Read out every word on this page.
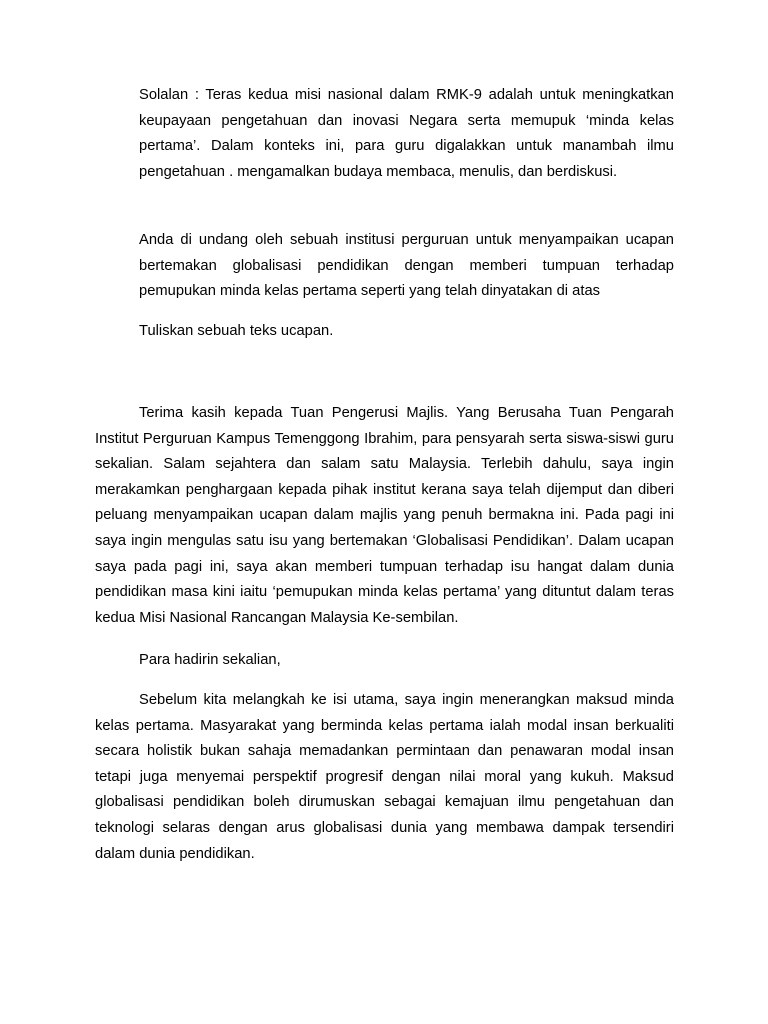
Solalan : Teras kedua misi nasional dalam RMK-9 adalah untuk meningkatkan keupayaan pengetahuan dan inovasi Negara serta memupuk ‘minda kelas pertama’. Dalam konteks ini, para guru digalakkan untuk manambah ilmu pengetahuan . mengamalkan budaya membaca, menulis, dan berdiskusi.

Anda di undang oleh sebuah institusi perguruan untuk menyampaikan ucapan bertemakan globalisasi pendidikan dengan memberi tumpuan terhadap pemupukan minda kelas pertama seperti yang telah dinyatakan di atas

Tuliskan sebuah teks ucapan.

Terima kasih kepada Tuan Pengerusi Majlis. Yang Berusaha Tuan Pengarah Institut Perguruan Kampus Temenggong Ibrahim, para pensyarah serta siswa-siswi guru sekalian. Salam sejahtera dan salam satu Malaysia. Terlebih dahulu, saya ingin merakamkan penghargaan kepada pihak institut kerana saya telah dijemput dan diberi peluang menyampaikan ucapan dalam majlis yang penuh bermakna ini. Pada pagi ini saya ingin mengulas satu isu yang bertemakan ‘Globalisasi Pendidikan’. Dalam ucapan saya pada pagi ini, saya akan memberi tumpuan terhadap isu hangat dalam dunia pendidikan masa kini iaitu ‘pemupukan minda kelas pertama’ yang dituntut dalam teras kedua Misi Nasional Rancangan Malaysia Ke-sembilan.

Para hadirin sekalian,

Sebelum kita melangkah ke isi utama, saya ingin menerangkan maksud minda kelas pertama. Masyarakat yang berminda kelas pertama ialah modal insan berkualiti secara holistik bukan sahaja memadankan permintaan dan penawaran modal insan tetapi juga menyemai perspektif progresif dengan nilai moral yang kukuh. Maksud globalisasi pendidikan boleh dirumuskan sebagai kemajuan ilmu pengetahuan dan teknologi selaras dengan arus globalisasi dunia yang membawa dampak tersendiri dalam dunia pendidikan.
